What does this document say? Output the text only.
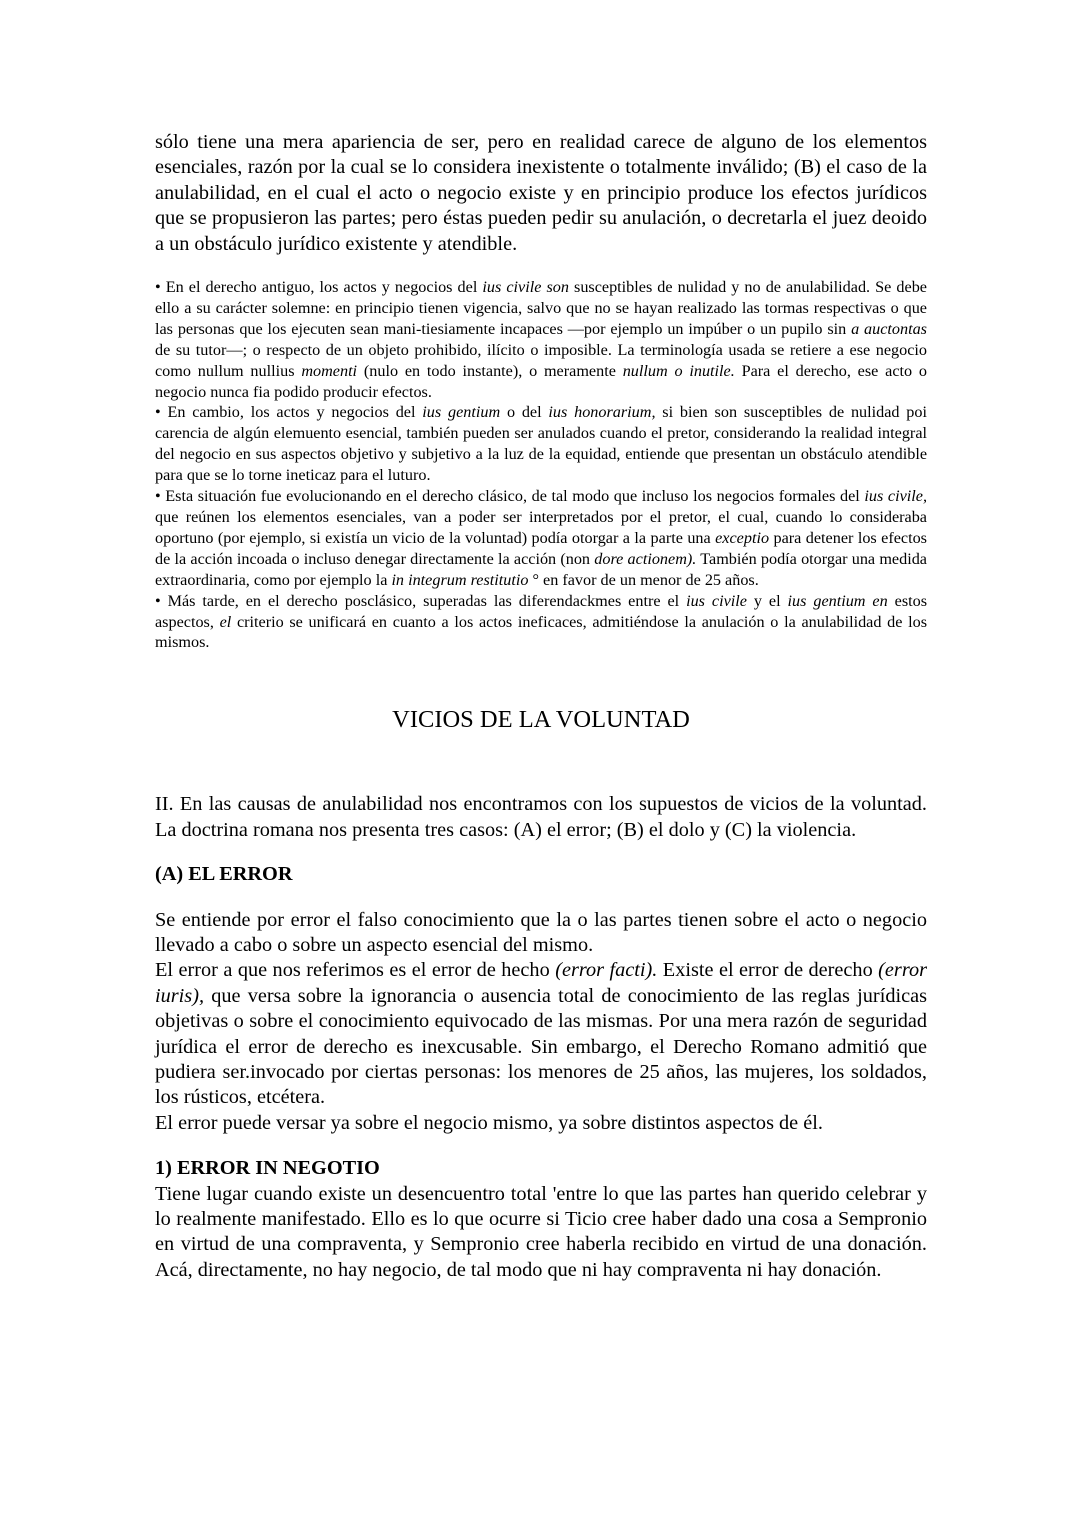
sólo tiene una mera apariencia de ser, pero en realidad carece de alguno de los elementos esenciales, razón por la cual se lo considera inexistente o totalmente inválido; (B) el caso de la anulabilidad, en el cual el acto o negocio existe y en principio produce los efectos jurídicos que se propusieron las partes; pero éstas pueden pedir su anulación, o decretarla el juez deoido a un obstáculo jurídico existente y atendible.

• En el derecho antiguo, los actos y negocios del ius civile son susceptibles de nulidad y no de anulabilidad. Se debe ello a su carácter solemne: en principio tienen vigencia, salvo que no se hayan realizado las tormas respectivas o que las personas que los ejecuten sean mani-tiesiamente incapaces —por ejemplo un impúber o un pupilo sin a auctontas de su tutor—; o respecto de un objeto prohibido, ilícito o imposible. La terminología usada se retiere a ese negocio como nullum nullius momenti (nulo en todo instante), o meramente nullum o inutile. Para el derecho, ese acto o negocio nunca fia podido producir efectos.

• En cambio, los actos y negocios del ius gentium o del ius honorarium, si bien son susceptibles de nulidad poi carencia de algún elemuento esencial, también pueden ser anulados cuando el pretor, considerando la realidad integral del negocio en sus aspectos objetivo y subjetivo a la luz de la equidad, entiende que presentan un obstáculo atendible para que se lo torne ineticaz para el luturo.

• Esta situación fue evolucionando en el derecho clásico, de tal modo que incluso los negocios formales del ius civile, que reúnen los elementos esenciales, van a poder ser interpretados por el pretor, el cual, cuando lo consideraba oportuno (por ejemplo, si existía un vicio de la voluntad) podía otorgar a la parte una exceptio para detener los efectos de la acción incoada o incluso denegar directamente la acción (non dore actionem). También podía otorgar una medida extraordinaria, como por ejemplo la in integrum restitutio ° en favor de un menor de 25 años.

• Más tarde, en el derecho posclásico, superadas las diferendackmes entre el ius civile y el ius gentium en estos aspectos, el criterio se unificará en cuanto a los actos ineficaces, admitiéndose la anulación o la anulabilidad de los mismos.

VICIOS DE LA VOLUNTAD

II. En las causas de anulabilidad nos encontramos con los supuestos de vicios de la voluntad. La doctrina romana nos presenta tres casos: (A) el error; (B) el dolo y (C) la violencia.

(A) EL ERROR

Se entiende por error el falso conocimiento que la o las partes tienen sobre el acto o negocio llevado a cabo o sobre un aspecto esencial del mismo.

El error a que nos referimos es el error de hecho (error facti). Existe el error de derecho (error iuris), que versa sobre la ignorancia o ausencia total de conocimiento de las reglas jurídicas objetivas o sobre el conocimiento equivocado de las mismas. Por una mera razón de seguridad jurídica el error de derecho es inexcusable. Sin embargo, el Derecho Romano admitió que pudiera ser.invocado por ciertas personas: los menores de 25 años, las mujeres, los soldados, los rústicos, etcétera.

El error puede versar ya sobre el negocio mismo, ya sobre distintos aspectos de él.

1) ERROR IN NEGOTIO

Tiene lugar cuando existe un desencuentro total 'entre lo que las partes han querido celebrar y lo realmente manifestado. Ello es lo que ocurre si Ticio cree haber dado una cosa a Sempronio en virtud de una compraventa, y Sempronio cree haberla recibido en virtud de una donación. Acá, directamente, no hay negocio, de tal modo que ni hay compraventa ni hay donación.
